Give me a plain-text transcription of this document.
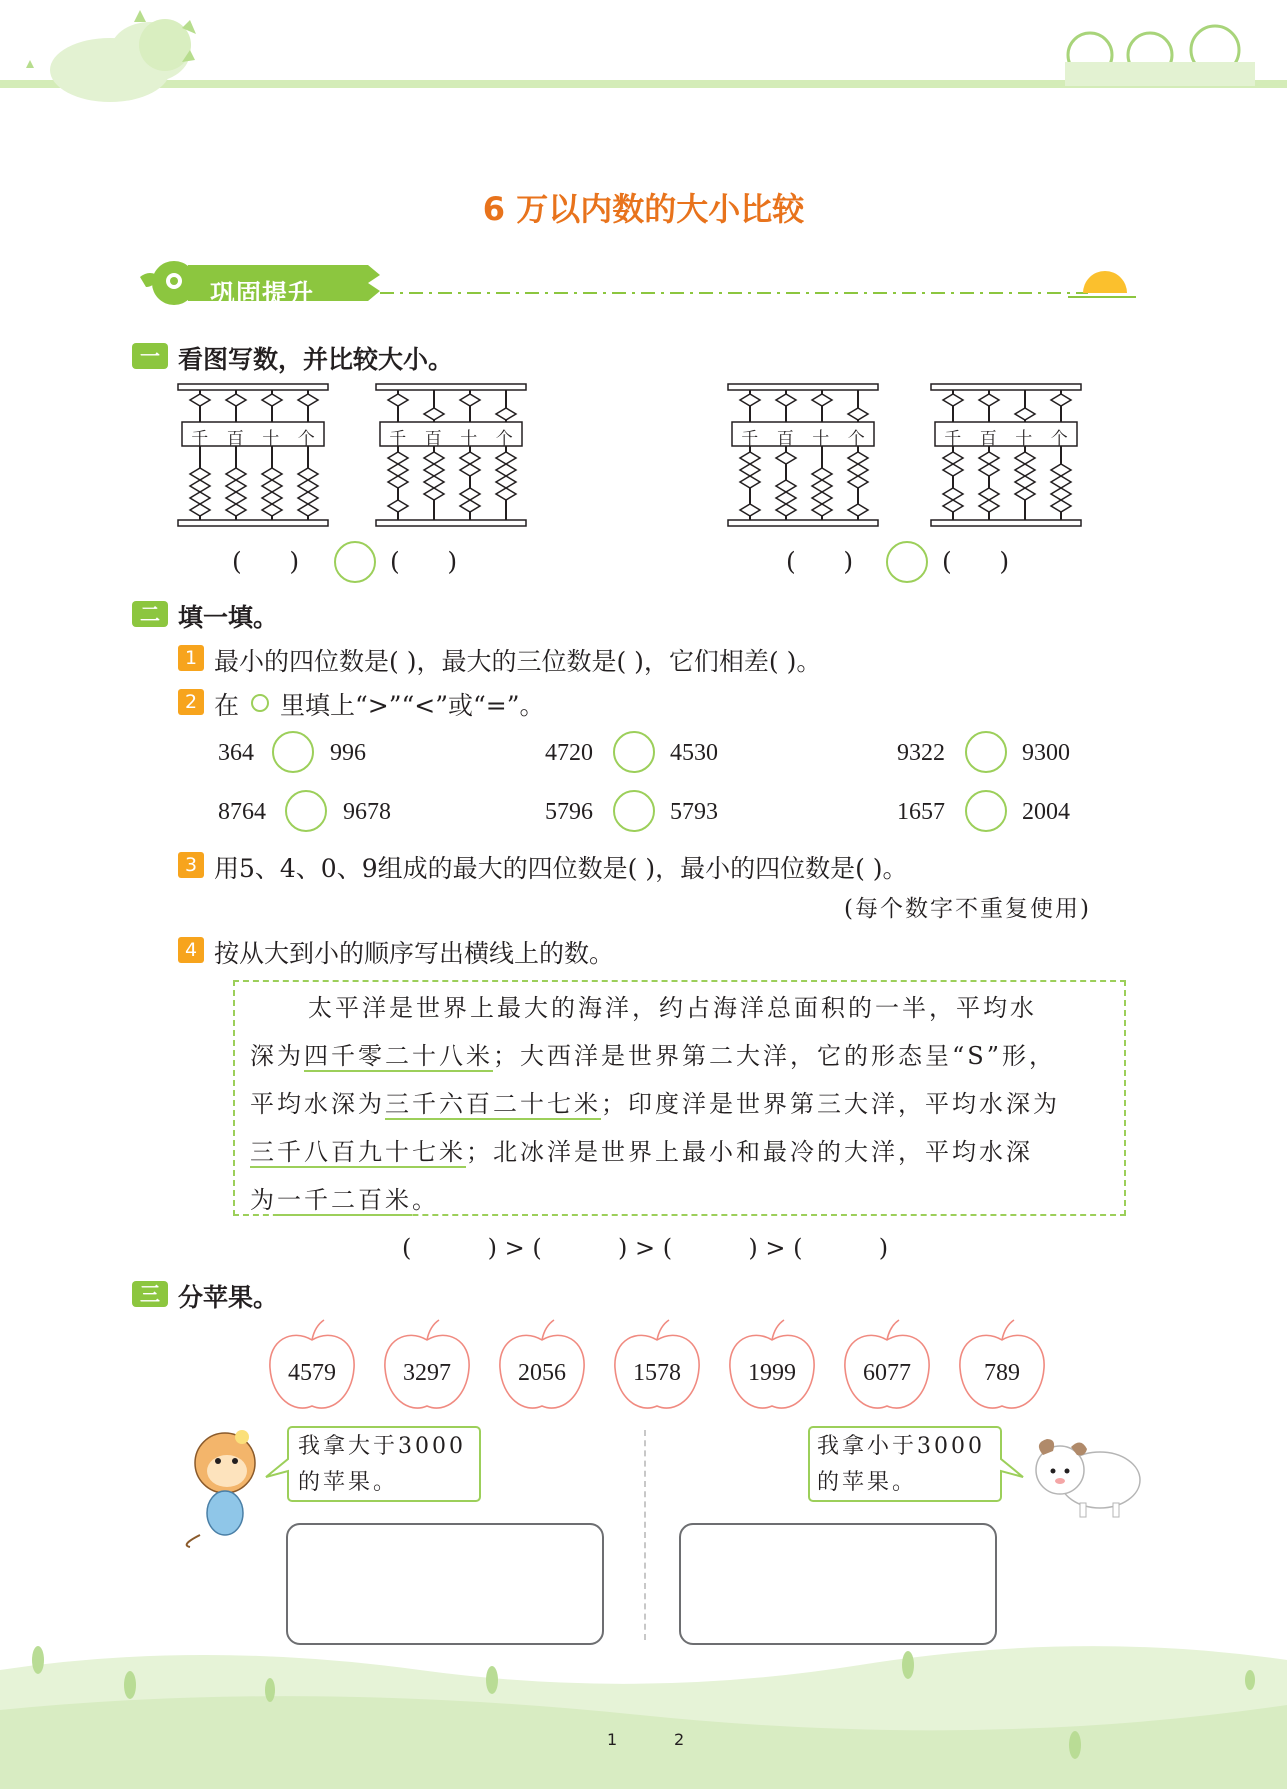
6 万以内数的大小比较
巩固提升
一 看图写数，并比较大小。
千 百 十 个	千 百 十 个	千 百 十 个	千 百 十 个
(      )	(      )	(      )	(      )
二 填一填。
1 最小的四位数是( )，最大的三位数是( )，它们相差( )。
2 在 里填上“>”“<”或“=”。
364	996	4720	4530	9322	9300
8764	9678	5796	5793	1657	2004
3 用5、4、0、9组成的最大的四位数是( )，最小的四位数是( )。
(每个数字不重复使用)
4 按从大到小的顺序写出横线上的数。
太平洋是世界上最大的海洋，约占海洋总面积的一半，平均水
深为四千零二十八米；大西洋是世界第二大洋，它的形态呈“S”形，
平均水深为三千六百二十七米；印度洋是世界第三大洋，平均水深为
三千八百九十七米；北冰洋是世界上最小和最冷的大洋，平均水深
为一千二百米。
(          ) > (          ) > (          ) > (          )
三 分苹果。
4579	3297	2056	1578	1999	6077	789
我拿大于3000
的苹果。
我拿小于3000
的苹果。
1	2
